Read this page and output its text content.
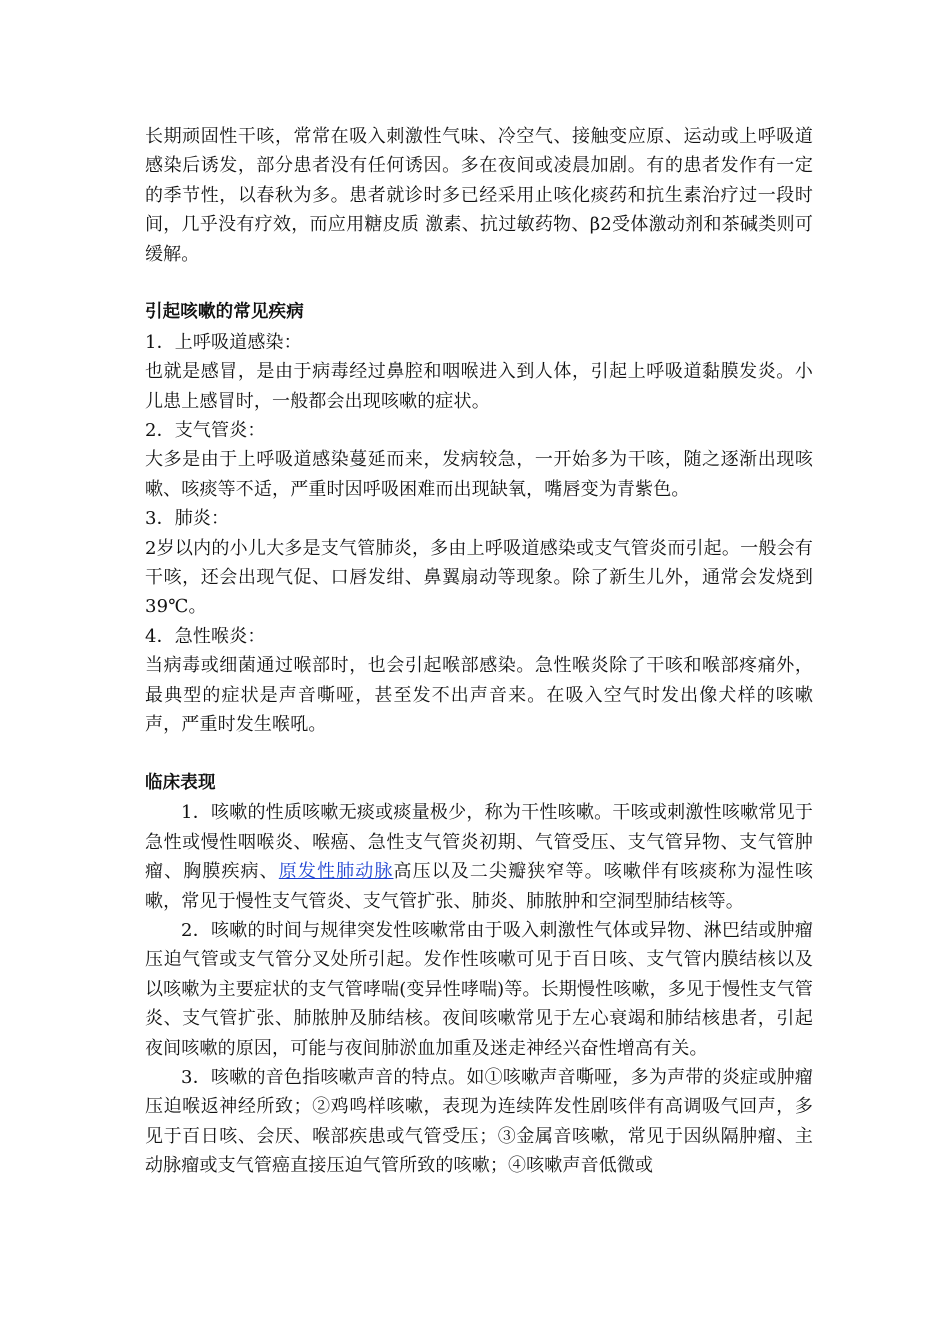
长期顽固性干咳，常常在吸入刺激性气味、冷空气、接触变应原、运动或上呼吸道感染后诱发，部分患者没有任何诱因。多在夜间或凌晨加剧。有的患者发作有一定的季节性，以春秋为多。患者就诊时多已经采用止咳化痰药和抗生素治疗过一段时间，几乎没有疗效，而应用糖皮质 激素、抗过敏药物、β2受体激动剂和茶碱类则可缓解。

引起咳嗽的常见疾病

1．上呼吸道感染：

也就是感冒，是由于病毒经过鼻腔和咽喉进入到人体，引起上呼吸道黏膜发炎。小儿患上感冒时，一般都会出现咳嗽的症状。

2．支气管炎：

大多是由于上呼吸道感染蔓延而来，发病较急，一开始多为干咳，随之逐渐出现咳嗽、咳痰等不适，严重时因呼吸困难而出现缺氧，嘴唇变为青紫色。

3．肺炎：

2岁以内的小儿大多是支气管肺炎，多由上呼吸道感染或支气管炎而引起。一般会有干咳，还会出现气促、口唇发绀、鼻翼扇动等现象。除了新生儿外，通常会发烧到39℃。

4．急性喉炎：

当病毒或细菌通过喉部时，也会引起喉部感染。急性喉炎除了干咳和喉部疼痛外，最典型的症状是声音嘶哑，甚至发不出声音来。在吸入空气时发出像犬样的咳嗽声，严重时发生喉吼。

临床表现

1．咳嗽的性质咳嗽无痰或痰量极少，称为干性咳嗽。干咳或刺激性咳嗽常见于急性或慢性咽喉炎、喉癌、急性支气管炎初期、气管受压、支气管异物、支气管肿瘤、胸膜疾病、原发性肺动脉高压以及二尖瓣狭窄等。咳嗽伴有咳痰称为湿性咳嗽，常见于慢性支气管炎、支气管扩张、肺炎、肺脓肿和空洞型肺结核等。

2．咳嗽的时间与规律突发性咳嗽常由于吸入刺激性气体或异物、淋巴结或肿瘤压迫气管或支气管分叉处所引起。发作性咳嗽可见于百日咳、支气管内膜结核以及以咳嗽为主要症状的支气管哮喘(变异性哮喘)等。长期慢性咳嗽，多见于慢性支气管炎、支气管扩张、肺脓肿及肺结核。夜间咳嗽常见于左心衰竭和肺结核患者，引起夜间咳嗽的原因，可能与夜间肺淤血加重及迷走神经兴奋性增高有关。

3．咳嗽的音色指咳嗽声音的特点。如①咳嗽声音嘶哑，多为声带的炎症或肿瘤压迫喉返神经所致；②鸡鸣样咳嗽，表现为连续阵发性剧咳伴有高调吸气回声，多见于百日咳、会厌、喉部疾患或气管受压；③金属音咳嗽，常见于因纵隔肿瘤、主动脉瘤或支气管癌直接压迫气管所致的咳嗽；④咳嗽声音低微或
